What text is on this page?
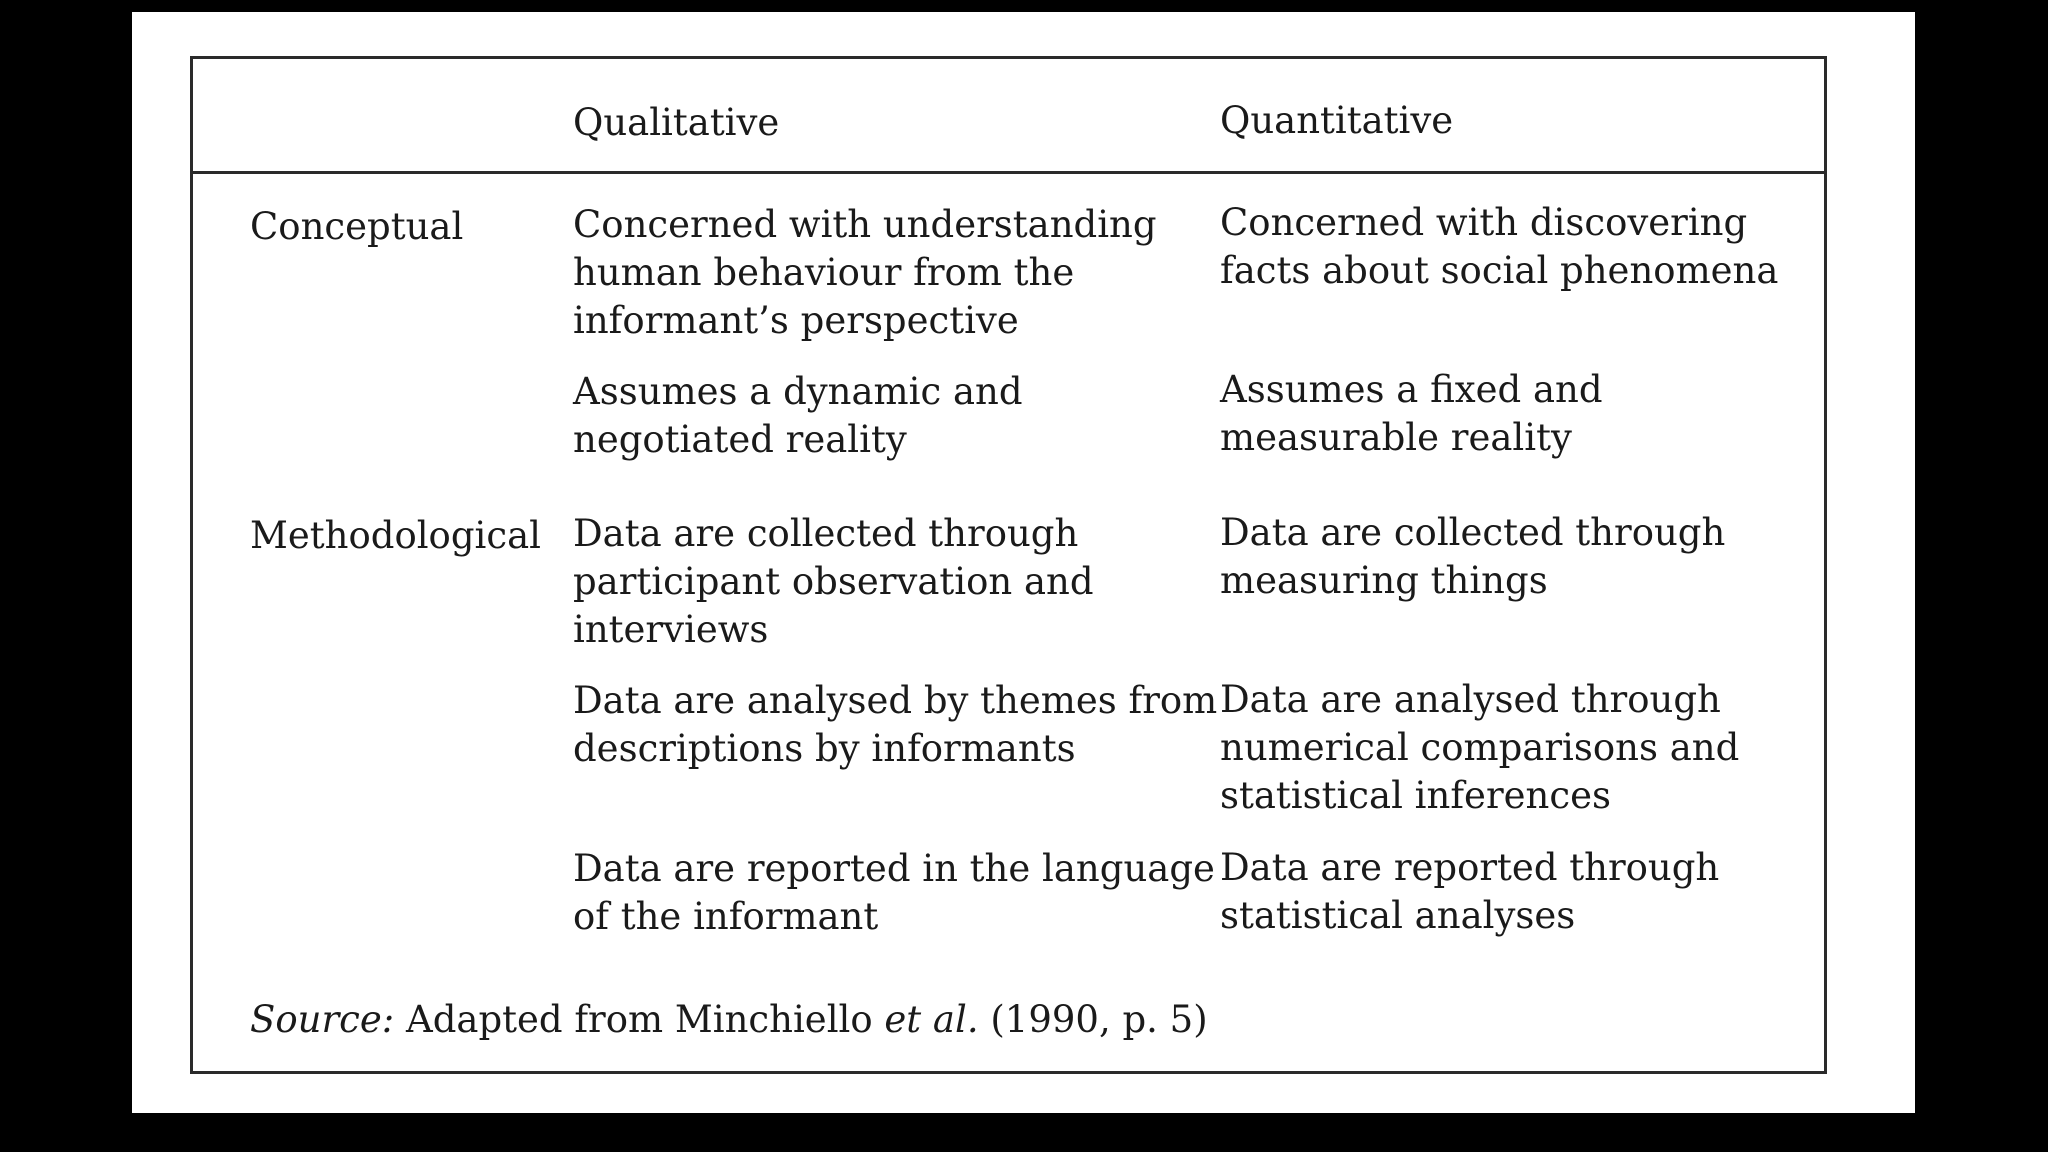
Qualitative	Quantitative
Conceptual	Concerned with understanding
human behaviour from the
informant’s perspective
Concerned with discovering
facts about social phenomena
Assumes a dynamic and
negotiated reality
Assumes a fixed and
measurable reality
Methodological Data are collected through
participant observation and
interviews
Data are collected through
measuring things
Data are analysed by themes from
descriptions by informants
Data are analysed through
numerical comparisons and
statistical inferences
Data are reported in the language
of the informant
Data are reported through
statistical analyses
Source: Adapted from Minchiello et al. (1990, p. 5)
